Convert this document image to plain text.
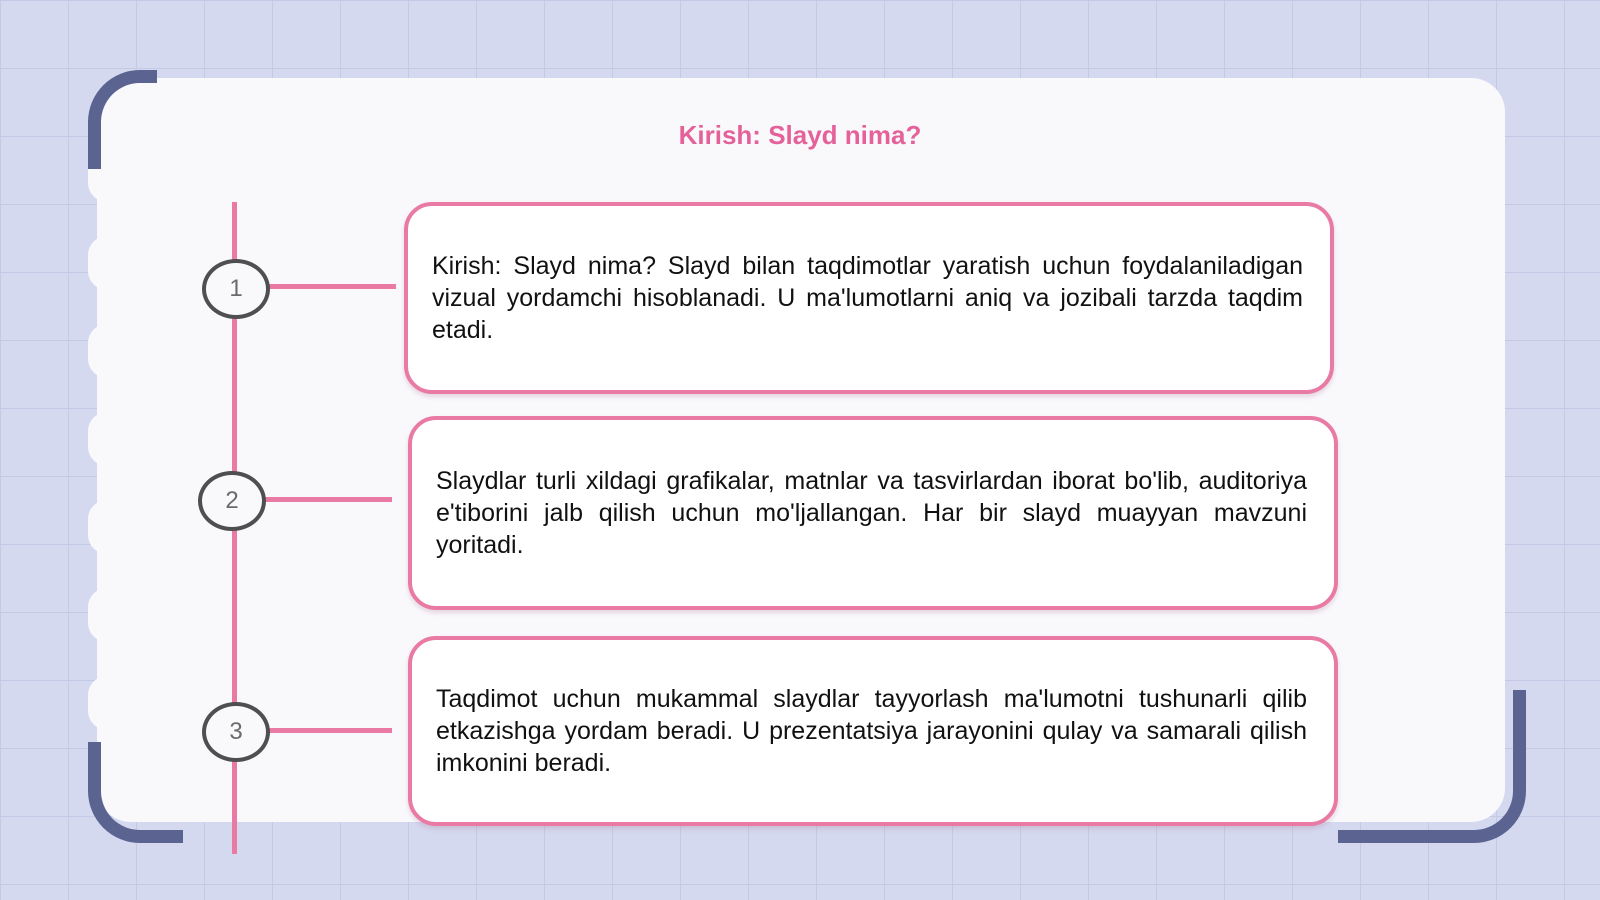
Kirish: Slayd nima?
1
2
3
Kirish: Slayd nima? Slayd bilan taqdimotlar yaratish uchun foydalaniladigan vizual yordamchi hisoblanadi. U ma'lumotlarni aniq va jozibali tarzda taqdim etadi.
Slaydlar turli xildagi grafikalar, matnlar va tasvirlardan iborat bo'lib, auditoriya e'tiborini jalb qilish uchun mo'ljallangan. Har bir slayd muayyan mavzuni yoritadi.
Taqdimot uchun mukammal slaydlar tayyorlash ma'lumotni tushunarli qilib etkazishga yordam beradi. U prezentatsiya jarayonini qulay va samarali qilish imkonini beradi.
